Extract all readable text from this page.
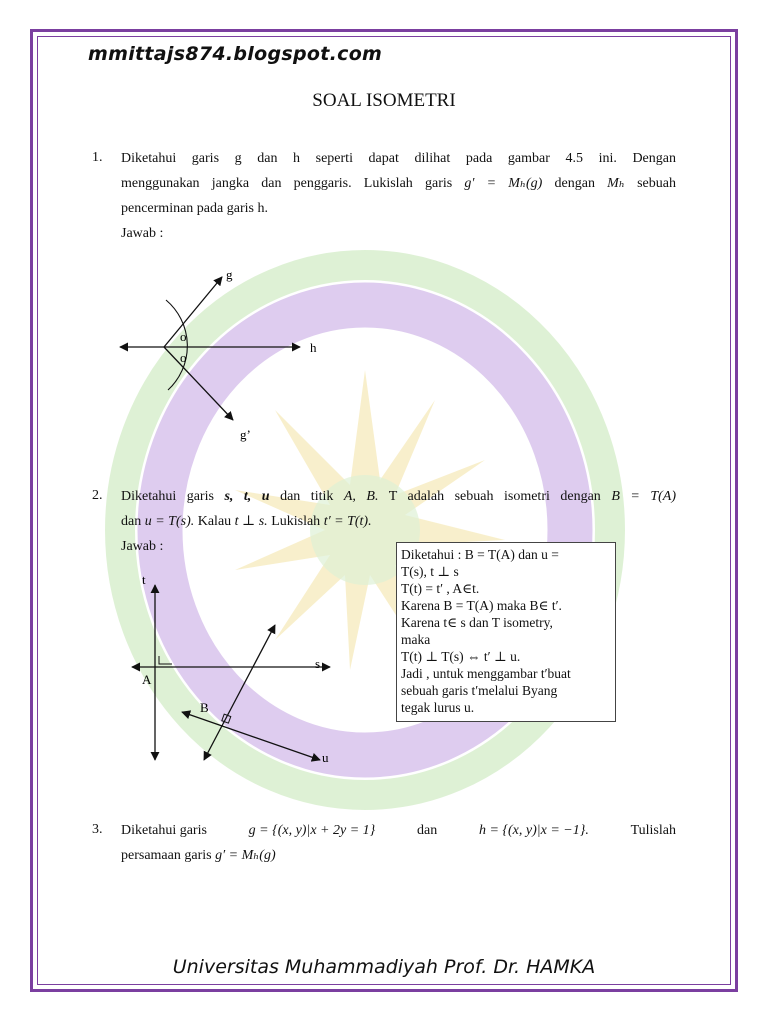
mmittajs874.blogspot.com
SOAL ISOMETRI
1. Diketahui garis g dan h seperti dapat dilihat pada gambar 4.5 ini. Dengan
menggunakan jangka dan penggaris. Lukislah garis g′ = Mₕ(g) dengan Mₕ sebuah
pencerminan pada garis h.
Jawab :
g
h
o
o
g’
2. Diketahui garis s, t, u dan titik A, B. T adalah sebuah isometri dengan B = T(A)
dan u = T(s). Kalau t ⊥ s. Lukislah t′ = T(t).
Jawab :
t
s
A
B
u
Diketahui : B = T(A) dan u =
T(s), t ⊥ s
T(t) = t′ , A∈t.
Karena B = T(A) maka B∈ t′.
Karena t∈ s dan T isometry,
maka
T(t) ⊥ T(s) ⇔ t′ ⊥ u.
Jadi , untuk menggambar t′buat
sebuah garis t′melalui Byang
tegak lurus u.
3. Diketahui garis	g = {(x, y)|x + 2y = 1}	dan	h = {(x, y)|x = −1}.	Tulislah
persamaan garis g′ = Mₕ(g)
Universitas Muhammadiyah Prof. Dr. HAMKA
